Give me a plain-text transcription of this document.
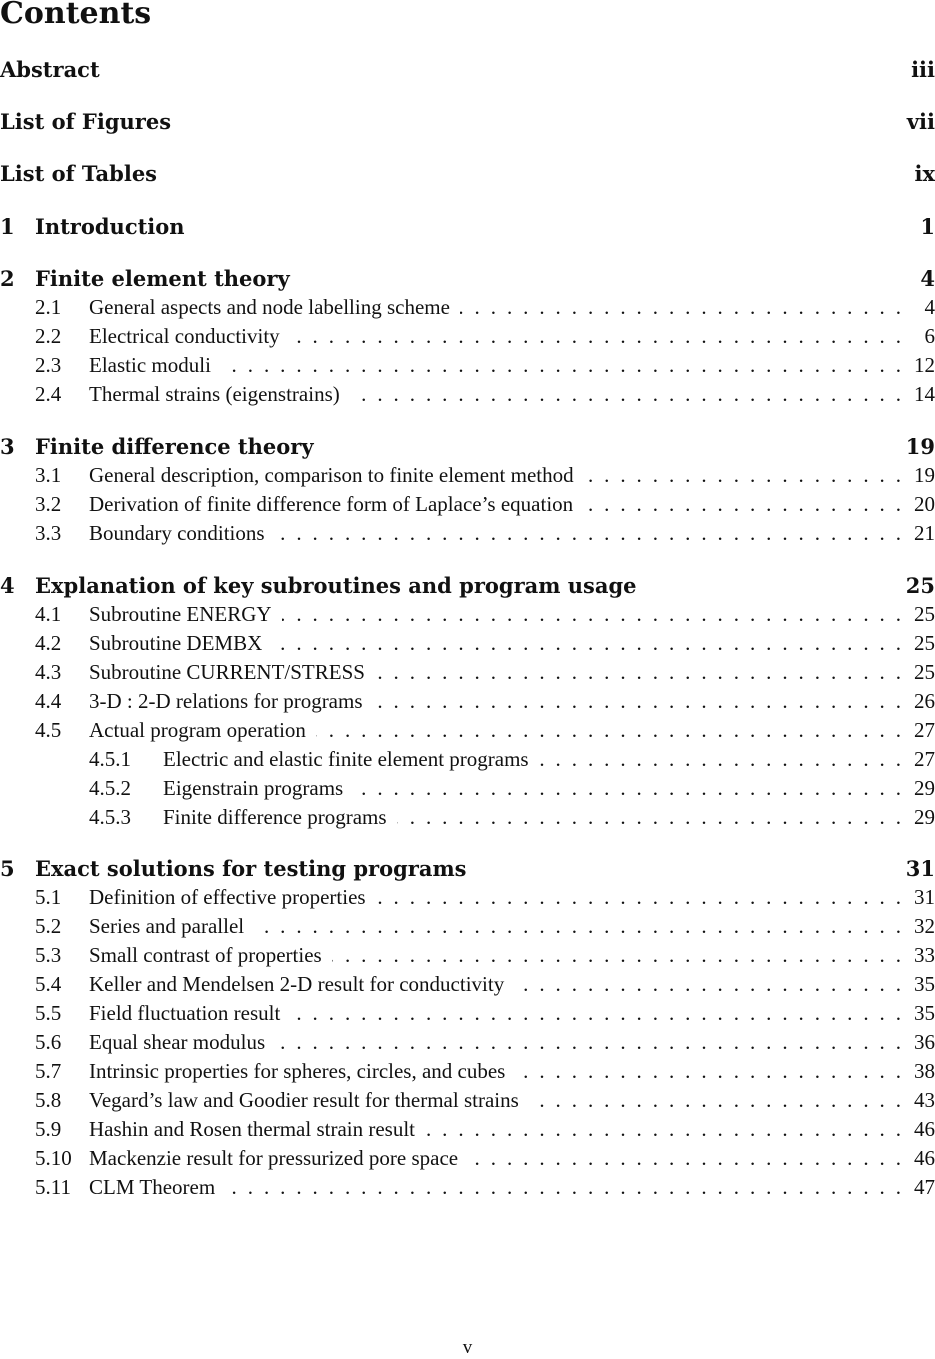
Contents
Abstract	iii
List of Figures	vii
List of Tables	ix
1 Introduction	1
2 Finite element theory	4
2.1	General aspects and node labelling scheme . . .	4
2.2	Electrical conductivity . . .	6
2.3	Elastic moduli . . .	12
2.4	Thermal strains (eigenstrains) . . .	14
3 Finite difference theory	19
3.1	General description, comparison to finite element method . . .	19
3.2	Derivation of finite difference form of Laplace’s equation . . .	20
3.3	Boundary conditions . . .	21
4 Explanation of key subroutines and program usage	25
4.1	Subroutine ENERGY . . .	25
4.2	Subroutine DEMBX . . .	25
4.3	Subroutine CURRENT/STRESS . . .	25
4.4	3-D : 2-D relations for programs . . .	26
4.5	Actual program operation . . .	27
4.5.1	Electric and elastic finite element programs . . .	27
4.5.2	Eigenstrain programs . . .	29
4.5.3	Finite difference programs . . .	29
5 Exact solutions for testing programs	31
5.1	Definition of effective properties . . .	31
5.2	Series and parallel . . .	32
5.3	Small contrast of properties . . .	33
5.4	Keller and Mendelsen 2-D result for conductivity . . .	35
5.5	Field fluctuation result . . .	35
5.6	Equal shear modulus . . .	36
5.7	Intrinsic properties for spheres, circles, and cubes . . .	38
5.8	Vegard’s law and Goodier result for thermal strains . . .	43
5.9	Hashin and Rosen thermal strain result . . .	46
5.10 Mackenzie result for pressurized pore space . . .	46
5.11 CLM Theorem . . .	47
v
